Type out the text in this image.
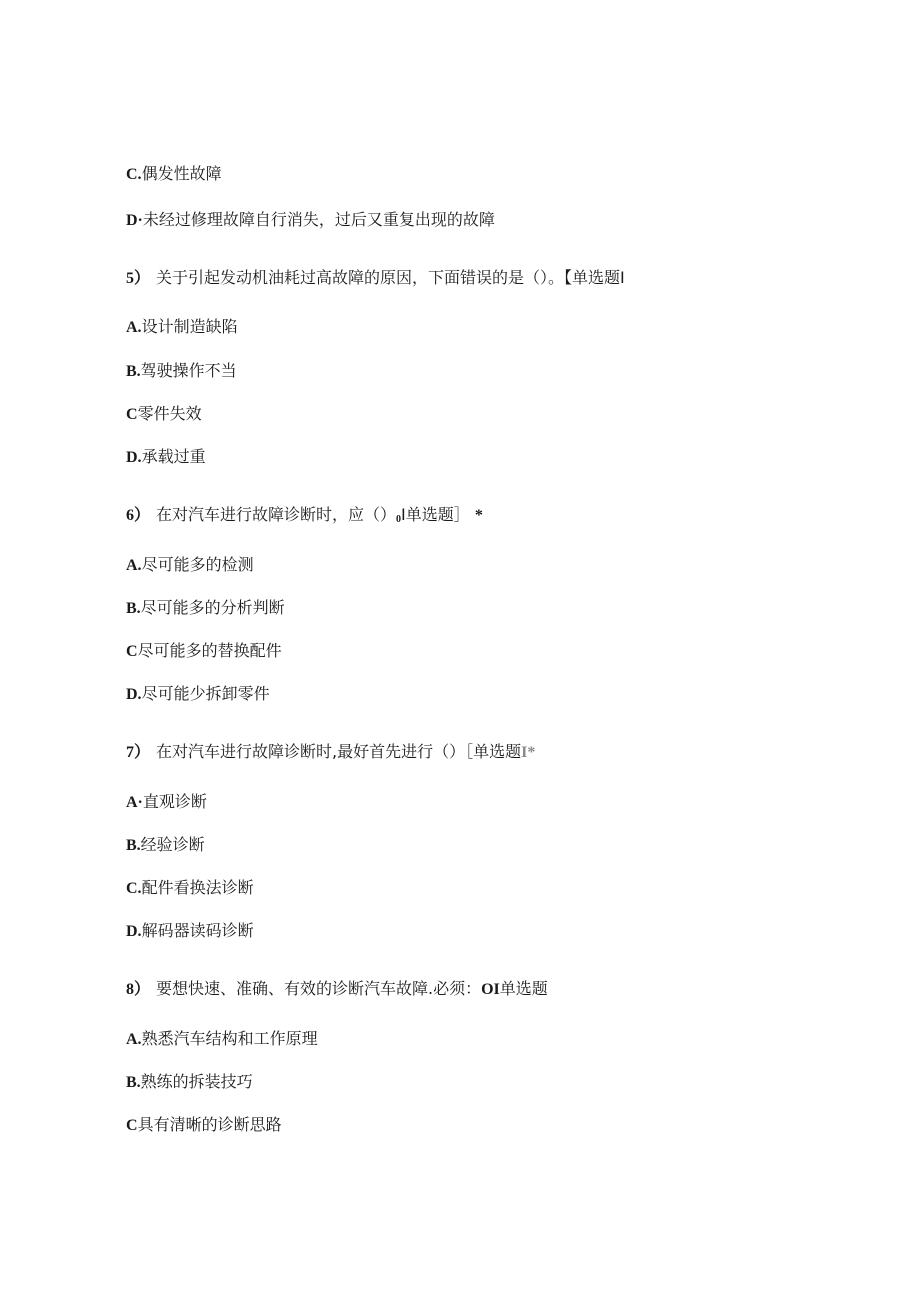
C.偶发性故障
D·未经过修理故障自行消失，过后又重复出现的故障
5） 关于引起发动机油耗过高故障的原因，下面错误的是（）。【单选题I
A.设计制造缺陷
B.驾驶操作不当
C零件失效
D.承载过重
6） 在对汽车进行故障诊断时，应$()_0I$单选题］ *
A.尽可能多的检测
B.尽可能多的分析判断
C尽可能多的替换配件
D.尽可能少拆卸零件
7） 在对汽车进行故障诊断时,最好首先进行（）［单选题I*
A·直观诊断
B.经验诊断
C.配件看换法诊断
D.解码器读码诊断
8） 要想快速、准确、有效的诊断汽车故障.必须：OI单选题
A.熟悉汽车结构和工作原理
B.熟练的拆装技巧
C具有清晰的诊断思路
